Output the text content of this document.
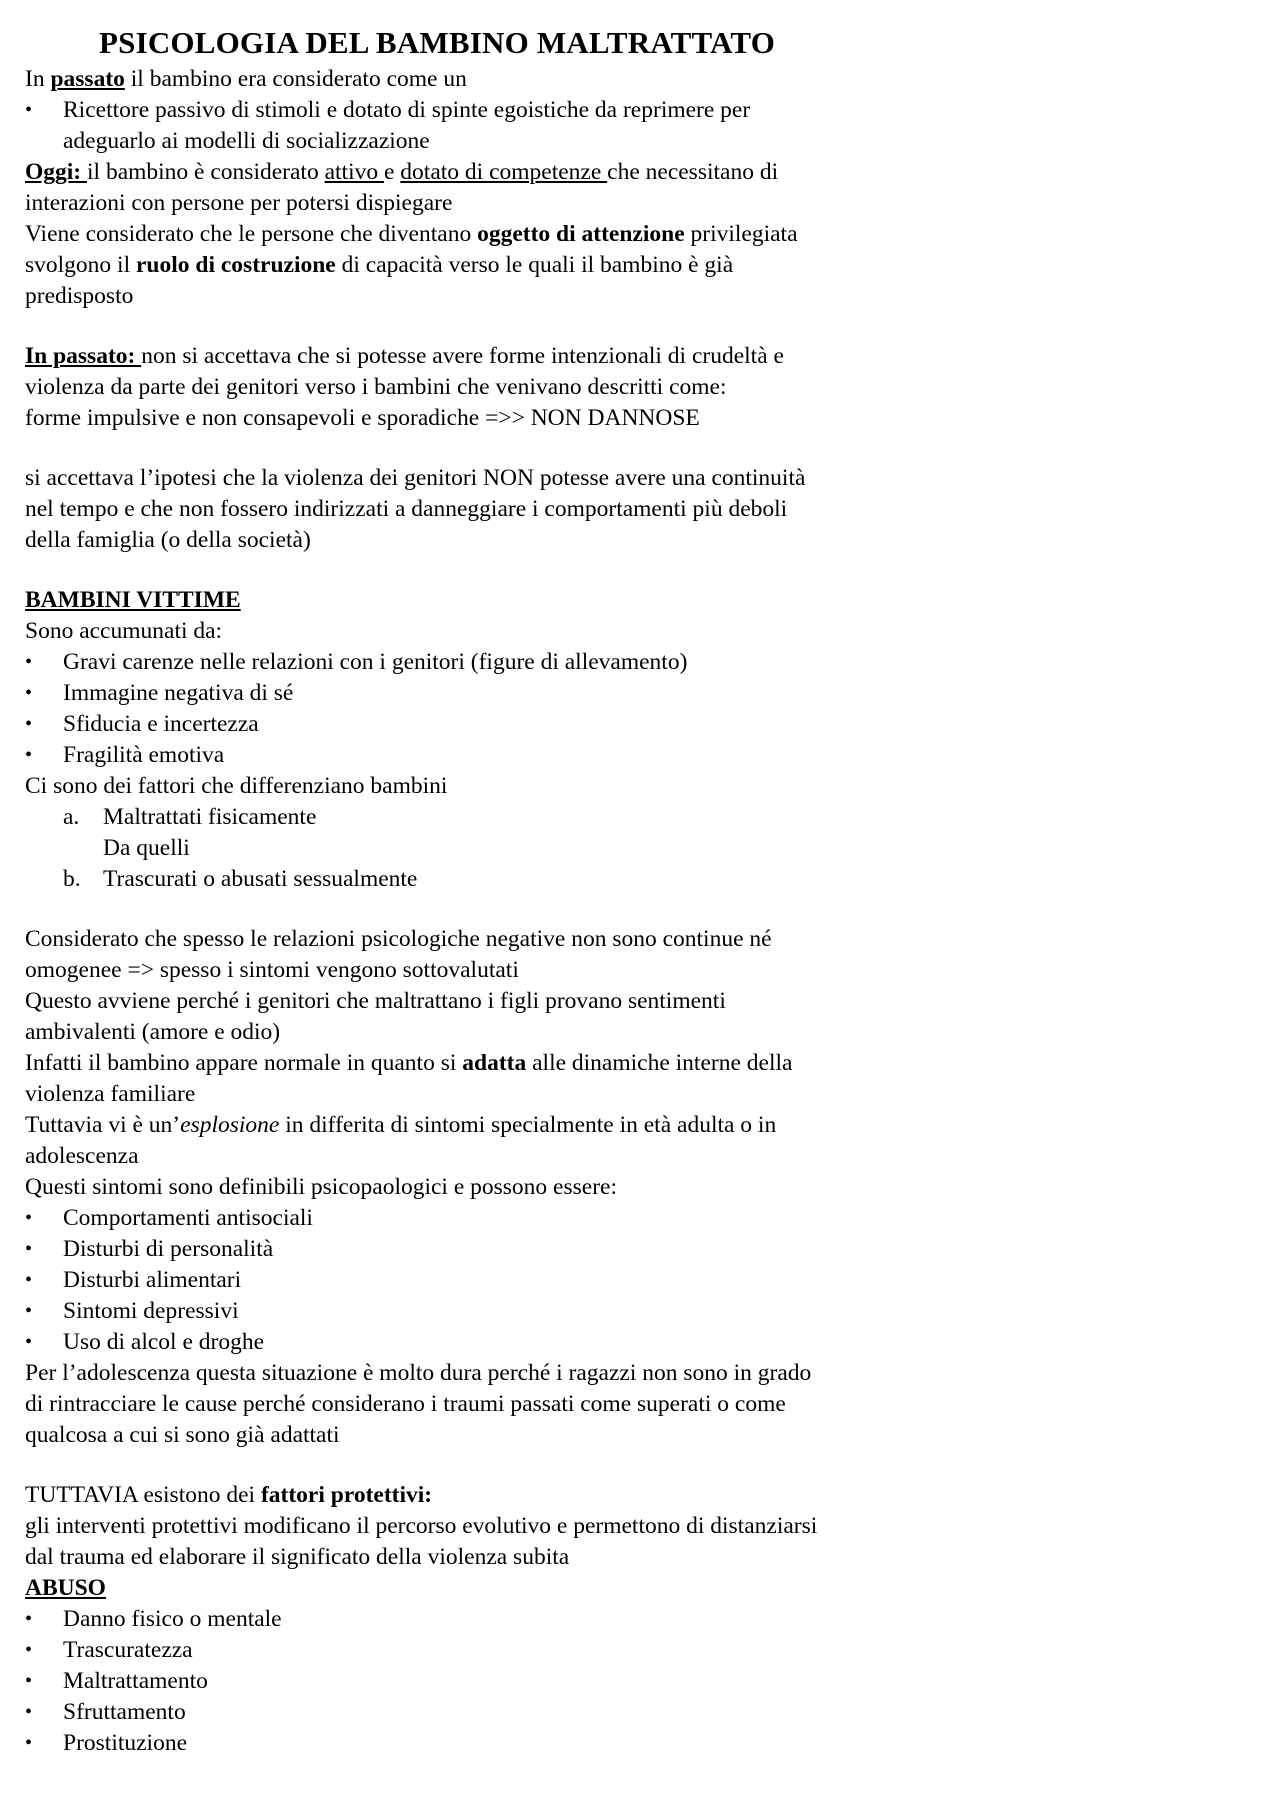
PSICOLOGIA DEL BAMBINO MALTRATTATO
In passato il bambino era considerato come un
•	Ricettore passivo di stimoli e dotato di spinte egoistiche da reprimere per
adeguarlo ai modelli di socializzazione
Oggi: il bambino è considerato attivo e dotato di competenze che necessitano di
interazioni con persone per potersi dispiegare
Viene considerato che le persone che diventano oggetto di attenzione privilegiata
svolgono il ruolo di costruzione di capacità verso le quali il bambino è già
predisposto
In passato: non si accettava che si potesse avere forme intenzionali di crudeltà e
violenza da parte dei genitori verso i bambini che venivano descritti come:
forme impulsive e non consapevoli e sporadiche =>> NON DANNOSE
si accettava l’ipotesi che la violenza dei genitori NON potesse avere una continuità
nel tempo e che non fossero indirizzati a danneggiare i comportamenti più deboli
della famiglia (o della società)
BAMBINI VITTIME
Sono accumunati da:
•	Gravi carenze nelle relazioni con i genitori (figure di allevamento)
•	Immagine negativa di sé
•	Sfiducia e incertezza
•	Fragilità emotiva
Ci sono dei fattori che differenziano bambini
a.	Maltrattati fisicamente
Da quelli
b. Trascurati o abusati sessualmente
Considerato che spesso le relazioni psicologiche negative non sono continue né
omogenee => spesso i sintomi vengono sottovalutati
Questo avviene perché i genitori che maltrattano i figli provano sentimenti
ambivalenti (amore e odio)
Infatti il bambino appare normale in quanto si adatta alle dinamiche interne della
violenza familiare
Tuttavia vi è un’esplosione in differita di sintomi specialmente in età adulta o in
adolescenza
Questi sintomi sono definibili psicopaologici e possono essere:
•	Comportamenti antisociali
•	Disturbi di personalità
•	Disturbi alimentari
•	Sintomi depressivi
•	Uso di alcol e droghe
Per l’adolescenza questa situazione è molto dura perché i ragazzi non sono in grado
di rintracciare le cause perché considerano i traumi passati come superati o come
qualcosa a cui si sono già adattati
TUTTAVIA esistono dei fattori protettivi:
gli interventi protettivi modificano il percorso evolutivo e permettono di distanziarsi
dal trauma ed elaborare il significato della violenza subita
ABUSO
•	Danno fisico o mentale
•	Trascuratezza
•	Maltrattamento
•	Sfruttamento
•	Prostituzione
